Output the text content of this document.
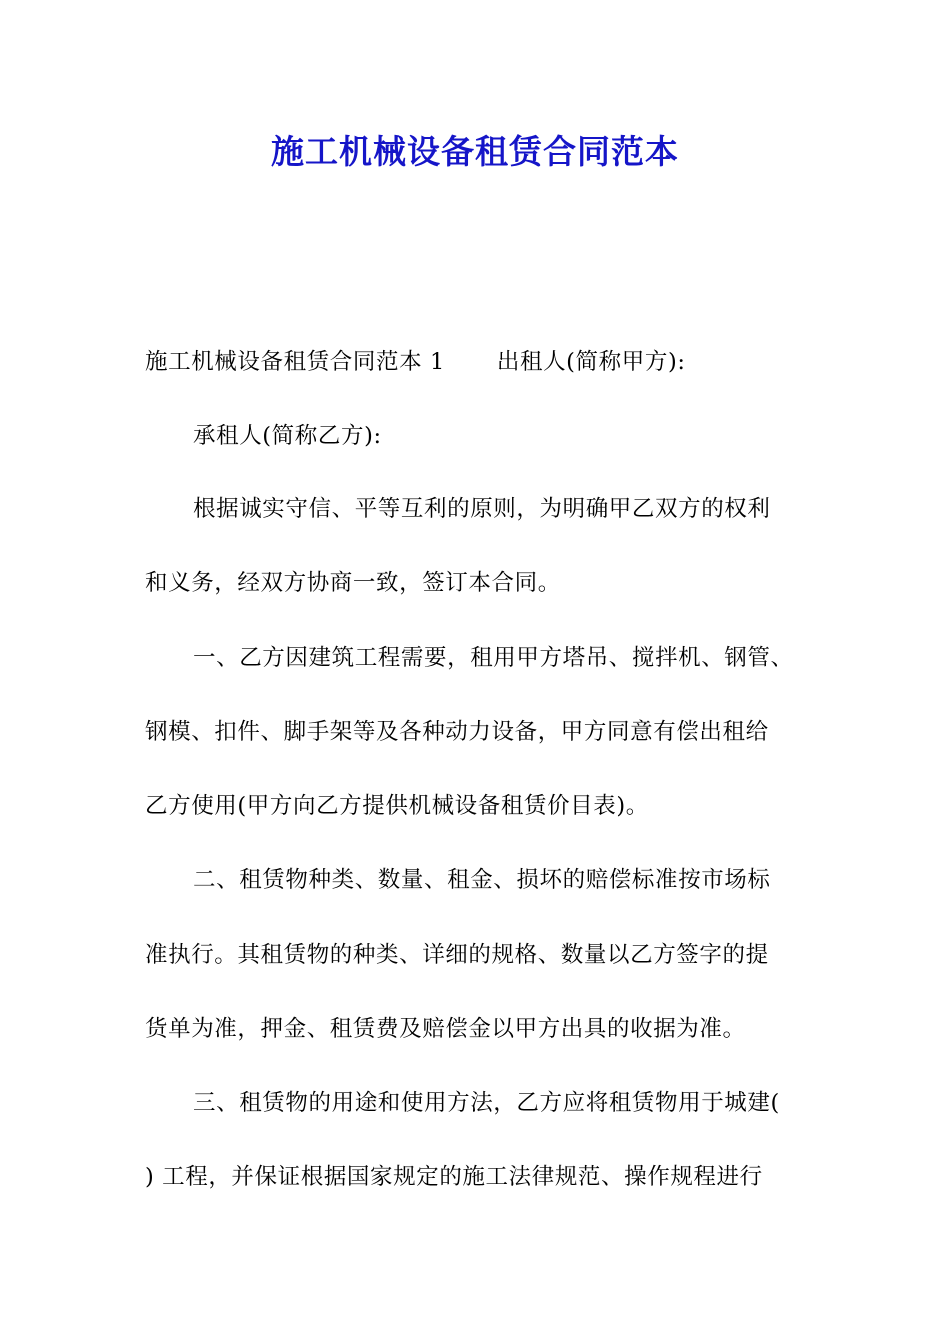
施工机械设备租赁合同范本
施工机械设备租赁合同范本 1 出租人(简称甲方):
承租人(简称乙方):
根据诚实守信、平等互利的原则，为明确甲乙双方的权利
和义务，经双方协商一致，签订本合同。
一、乙方因建筑工程需要，租用甲方塔吊、搅拌机、钢管、
钢模、扣件、脚手架等及各种动力设备，甲方同意有偿出租给
乙方使用(甲方向乙方提供机械设备租赁价目表)。
二、租赁物种类、数量、租金、损坏的赔偿标准按市场标
准执行。其租赁物的种类、详细的规格、数量以乙方签字的提
货单为准，押金、租赁费及赔偿金以甲方出具的收据为准。
三、租赁物的用途和使用方法，乙方应将租赁物用于城建(
) 工程，并保证根据国家规定的施工法律规范、操作规程进行
